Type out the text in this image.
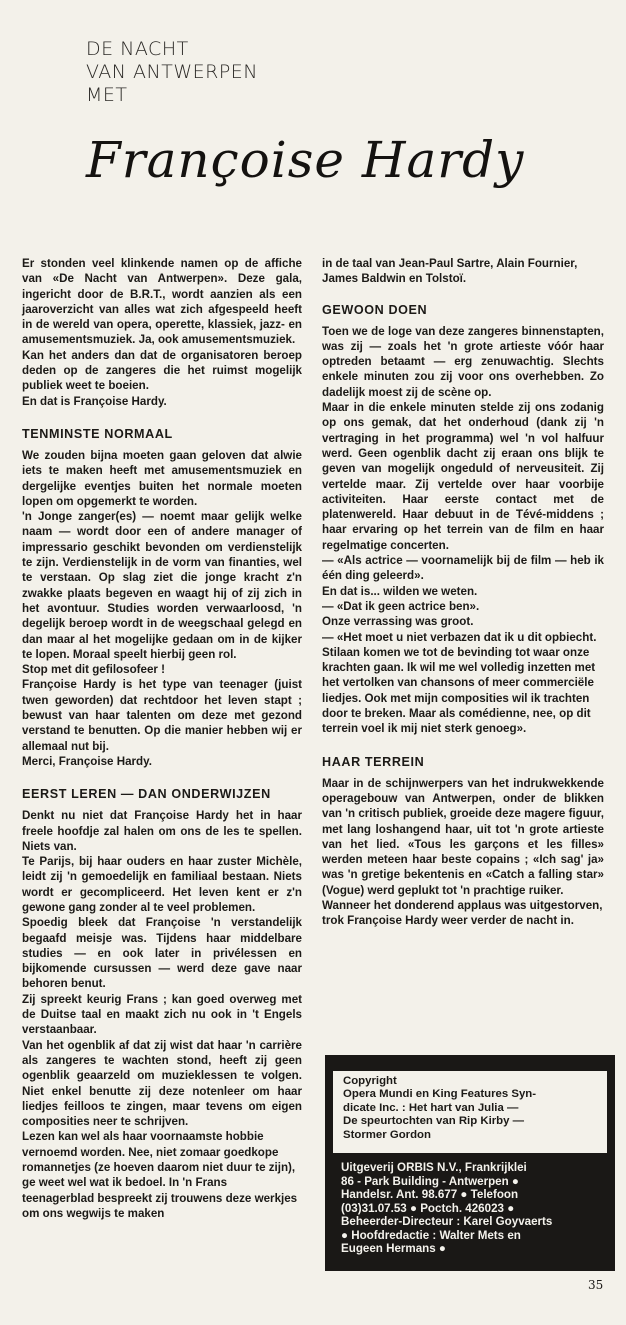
DE NACHT
VAN ANTWERPEN
MET
Françoise Hardy

Er stonden veel klinkende namen op de affiche van «De Nacht van Antwerpen». Deze gala, ingericht door de B.R.T., wordt aanzien als een jaaroverzicht van alles wat zich afgespeeld heeft in de wereld van opera, operette, klassiek, jazz- en amusementsmuziek. Ja, ook amusementsmuziek.

Kan het anders dan dat de organisatoren beroep deden op de zangeres die het ruimst mogelijk publiek weet te boeien.

En dat is Françoise Hardy.

TENMINSTE NORMAAL

We zouden bijna moeten gaan geloven dat alwie iets te maken heeft met amusementsmuziek en dergelijke eventjes buiten het normale moeten lopen om opgemerkt te worden.

'n Jonge zanger(es) — noemt maar gelijk welke naam — wordt door een of andere manager of impressario geschikt bevonden om verdienstelijk te zijn. Verdienstelijk in de vorm van finanties, wel te verstaan. Op slag ziet die jonge kracht z'n zwakke plaats begeven en waagt hij of zij zich in het avontuur. Studies worden verwaarloosd, 'n degelijk beroep wordt in de weegschaal gelegd en dan maar al het mogelijke gedaan om in de kijker te lopen. Moraal speelt hierbij geen rol.

Stop met dit gefilosofeer !

Françoise Hardy is het type van teenager (juist twen geworden) dat rechtdoor het leven stapt ; bewust van haar talenten om deze met gezond verstand te benutten. Op die manier hebben wij er allemaal nut bij.

Merci, Françoise Hardy.

EERST LEREN — DAN ONDERWIJZEN

Denkt nu niet dat Françoise Hardy het in haar freele hoofdje zal halen om ons de les te spellen. Niets van.

Te Parijs, bij haar ouders en haar zuster Michèle, leidt zij 'n gemoedelijk en familiaal bestaan. Niets wordt er gecompliceerd. Het leven kent er z'n gewone gang zonder al te veel problemen.

Spoedig bleek dat Françoise 'n verstandelijk begaafd meisje was. Tijdens haar middelbare studies — en ook later in privélessen en bijkomende cursussen — werd deze gave naar behoren benut.

Zij spreekt keurig Frans ; kan goed overweg met de Duitse taal en maakt zich nu ook in 't Engels verstaanbaar.

Van het ogenblik af dat zij wist dat haar 'n carrière als zangeres te wachten stond, heeft zij geen ogenblik geaarzeld om muzieklessen te volgen. Niet enkel benutte zij deze notenleer om haar liedjes feilloos te zingen, maar tevens om eigen composities neer te schrijven.

Lezen kan wel als haar voornaamste hobbie vernoemd worden. Nee, niet zomaar goedkope romannetjes (ze hoeven daarom niet duur te zijn), ge weet wel wat ik bedoel. In 'n Frans teenagerblad bespreekt zij trouwens deze werkjes om ons wegwijs te maken

in de taal van Jean-Paul Sartre, Alain Fournier, James Baldwin en Tolstoï.

GEWOON DOEN

Toen we de loge van deze zangeres binnenstapten, was zij — zoals het 'n grote artieste vóór haar optreden betaamt — erg zenuwachtig. Slechts enkele minuten zou zij voor ons overhebben. Zo dadelijk moest zij de scène op.

Maar in die enkele minuten stelde zij ons zodanig op ons gemak, dat het onderhoud (dank zij 'n vertraging in het programma) wel 'n vol halfuur werd. Geen ogenblik dacht zij eraan ons blijk te geven van mogelijk ongeduld of nerveusiteit. Zij vertelde maar. Zij vertelde over haar voorbije activiteiten. Haar eerste contact met de platenwereld. Haar debuut in de Tévé-middens ; haar ervaring op het terrein van de film en haar regelmatige concerten.

— «Als actrice — voornamelijk bij de film — heb ik één ding geleerd».

En dat is... wilden we weten.

— «Dat ik geen actrice ben».

Onze verrassing was groot.

— «Het moet u niet verbazen dat ik u dit opbiecht. Stilaan komen we tot de bevinding tot waar onze krachten gaan. Ik wil me wel volledig inzetten met het vertolken van chansons of meer commerciële liedjes. Ook met mijn composities wil ik trachten door te breken. Maar als comédienne, nee, op dit terrein voel ik mij niet sterk genoeg».

HAAR TERREIN

Maar in de schijnwerpers van het indrukwekkende operagebouw van Antwerpen, onder de blikken van 'n critisch publiek, groeide deze magere figuur, met lang loshangend haar, uit tot 'n grote artieste van het lied. «Tous les garçons et les filles» werden meteen haar beste copains ; «Ich sag' ja» was 'n gretige bekentenis en «Catch a falling star» (Vogue) werd geplukt tot 'n prachtige ruiker.

Wanneer het donderend applaus was uitgestorven, trok Françoise Hardy weer verder de nacht in.

Copyright
Opera Mundi en King Features Syn-
dicate Inc. : Het hart van Julia —
De speurtochten van Rip Kirby —
Stormer Gordon
Uitgeverij ORBIS N.V., Frankrijklei
86 - Park Building - Antwerpen ●
Handelsr. Ant. 98.677 ● Telefoon
(03)31.07.53 ● Poctch. 426023 ●
Beheerder-Directeur : Karel Goyvaerts
● Hoofdredactie : Walter Mets en
Eugeen Hermans ●
35
